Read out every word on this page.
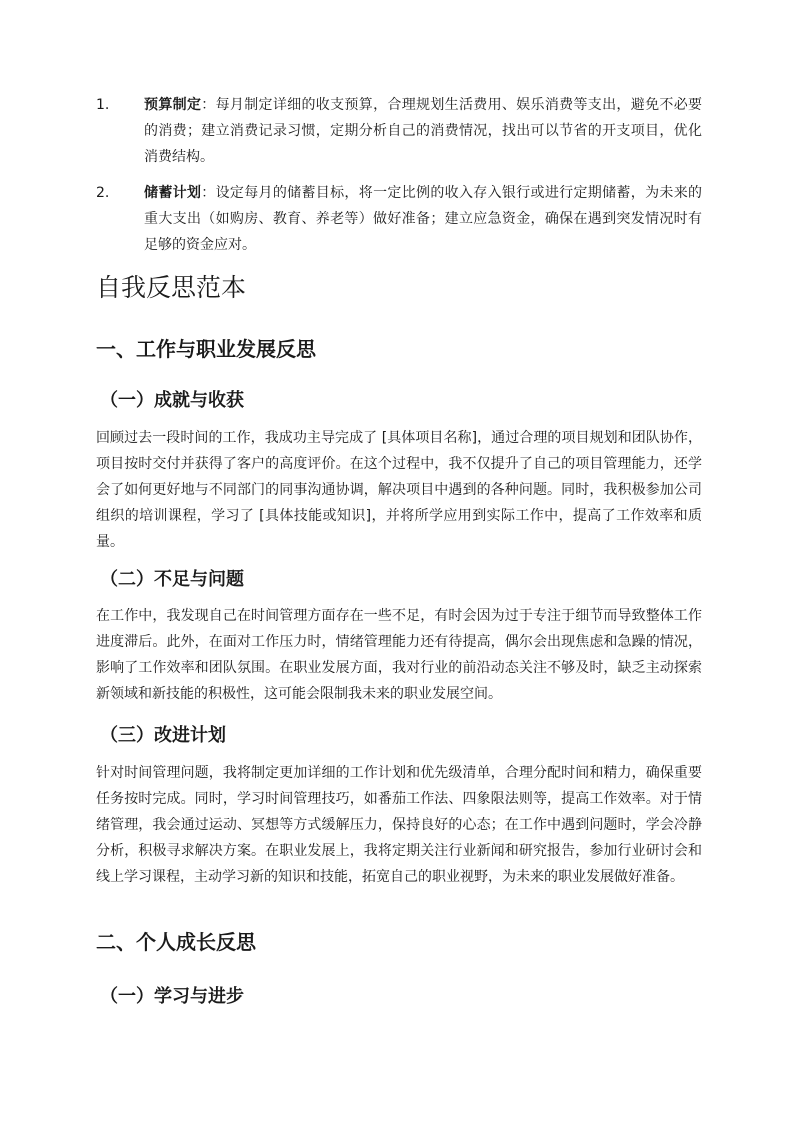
1. 预算制定：每月制定详细的收支预算，合理规划生活费用、娱乐消费等支出，避免不必要的消费；建立消费记录习惯，定期分析自己的消费情况，找出可以节省的开支项目，优化消费结构。
2. 储蓄计划：设定每月的储蓄目标，将一定比例的收入存入银行或进行定期储蓄，为未来的重大支出（如购房、教育、养老等）做好准备；建立应急资金，确保在遇到突发情况时有足够的资金应对。
自我反思范本
一、工作与职业发展反思
（一）成就与收获
回顾过去一段时间的工作，我成功主导完成了 [具体项目名称]，通过合理的项目规划和团队协作，项目按时交付并获得了客户的高度评价。在这个过程中，我不仅提升了自己的项目管理能力，还学会了如何更好地与不同部门的同事沟通协调，解决项目中遇到的各种问题。同时，我积极参加公司组织的培训课程，学习了 [具体技能或知识]，并将所学应用到实际工作中，提高了工作效率和质量。
（二）不足与问题
在工作中，我发现自己在时间管理方面存在一些不足，有时会因为过于专注于细节而导致整体工作进度滞后。此外，在面对工作压力时，情绪管理能力还有待提高，偶尔会出现焦虑和急躁的情况，影响了工作效率和团队氛围。在职业发展方面，我对行业的前沿动态关注不够及时，缺乏主动探索新领域和新技能的积极性，这可能会限制我未来的职业发展空间。
（三）改进计划
针对时间管理问题，我将制定更加详细的工作计划和优先级清单，合理分配时间和精力，确保重要任务按时完成。同时，学习时间管理技巧，如番茄工作法、四象限法则等，提高工作效率。对于情绪管理，我会通过运动、冥想等方式缓解压力，保持良好的心态；在工作中遇到问题时，学会冷静分析，积极寻求解决方案。在职业发展上，我将定期关注行业新闻和研究报告，参加行业研讨会和线上学习课程，主动学习新的知识和技能，拓宽自己的职业视野，为未来的职业发展做好准备。
二、个人成长反思
（一）学习与进步
